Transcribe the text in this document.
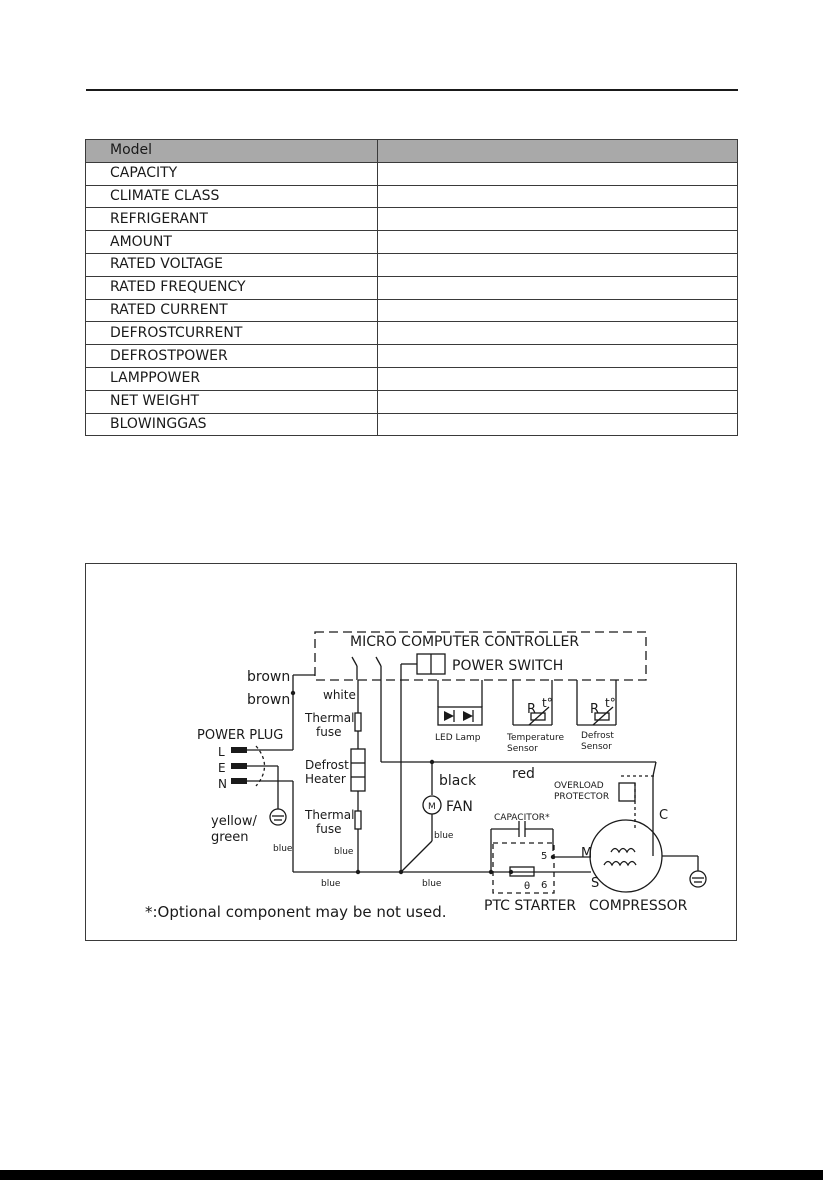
Model	
CAPACITY	
CLIMATE CLASS	
REFRIGERANT	
AMOUNT	
RATED VOLTAGE	
RATED FREQUENCY	
RATED CURRENT	
DEFROSTCURRENT	
DEFROSTPOWER	
LAMPPOWER	
NET WEIGHT	
BLOWINGGAS	
MICRO COMPUTER CONTROLLER
POWER SWITCH
brown
brown	white
Thermal
fuse
POWER PLUG
L
E
N
Defrost
Heater
Thermal
fuse
yellow/
green
blue	blue
blue
blue
blue
LED Lamp	Temperature
Sensor
Defrost
Sensor
R t°	R t°
black	red
M FAN
OVERLOAD
PROTECTOR
CAPACITOR*
5
6
θ
PTC STARTER COMPRESSOR
C
M
S
*:Optional component may be not used.
